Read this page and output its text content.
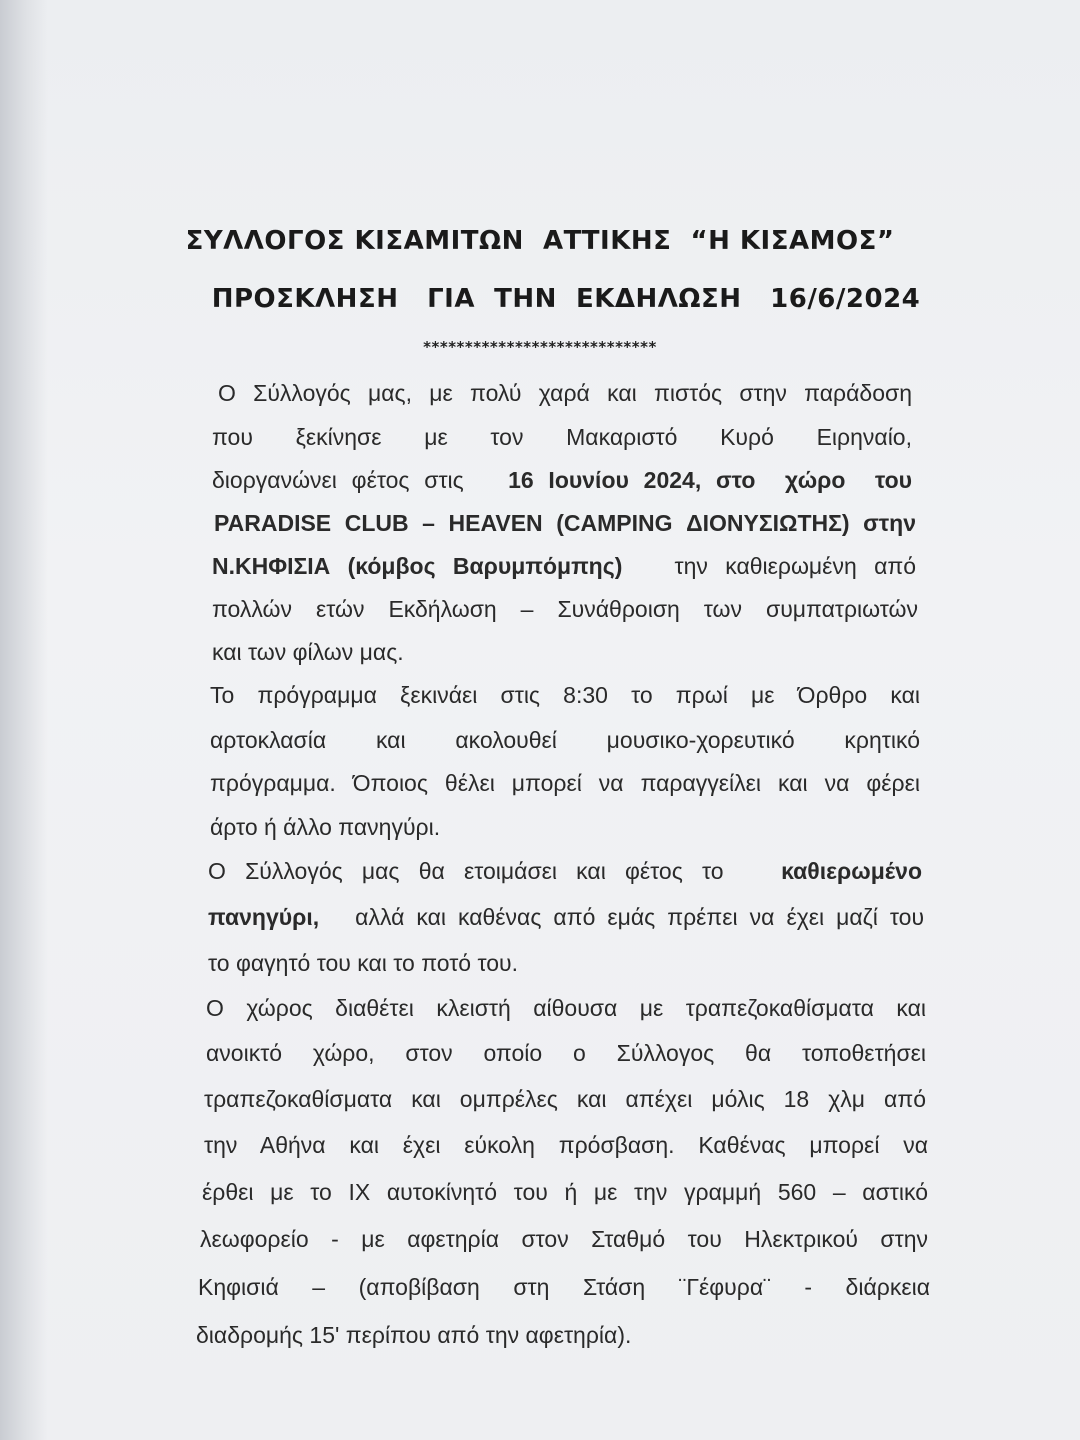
ΣΥΛΛΟΓΟΣ ΚΙΣΑΜΙΤΩΝ  ΑΤΤΙΚΗΣ  “Η ΚΙΣΑΜΟΣ”
ΠΡΟΣΚΛΗΣΗ   ΓΙΑ  ΤΗΝ  ΕΚΔΗΛΩΣΗ   16/6/2024
****************************
Ο Σύλλογός μας, με πολύ χαρά και πιστός στην παράδοση
που ξεκίνησε με τον Μακαριστό Κυρό Ειρηναίο,
διοργανώνει φέτος στις 16 Ιουνίου 2024, στο  χώρο  του
PARADISE CLUB – HEAVEN (CAMPING ΔΙΟΝΥΣΙΩΤΗΣ) στην
Ν.ΚΗΦΙΣΙΑ (κόμβος Βαρυμπόμπης) την καθιερωμένη από
πολλών ετών Εκδήλωση – Συνάθροιση των συμπατριωτών
και των φίλων μας.
Το πρόγραμμα ξεκινάει στις 8:30 το πρωί με Όρθρο και
αρτοκλασία και ακολουθεί μουσικο-χορευτικό κρητικό
πρόγραμμα. Όποιος θέλει μπορεί να παραγγείλει και να φέρει
άρτο ή άλλο πανηγύρι.
Ο Σύλλογός μας θα ετοιμάσει και φέτος το	καθιερωμένο
πανηγύρι, αλλά και καθένας από εμάς πρέπει να έχει μαζί του
το φαγητό του και το ποτό του.
Ο χώρος διαθέτει κλειστή αίθουσα με τραπεζοκαθίσματα και
ανοικτό χώρο, στον οποίο ο Σύλλογος θα τοποθετήσει
τραπεζοκαθίσματα και ομπρέλες και απέχει μόλις 18 χλμ από
την Αθήνα και έχει εύκολη πρόσβαση. Καθένας μπορεί να
έρθει με το ΙΧ αυτοκίνητό του ή με την γραμμή 560 – αστικό
λεωφορείο - με αφετηρία στον Σταθμό του Ηλεκτρικού στην
Κηφισιά – (αποβίβαση στη Στάση ¨Γέφυρα¨ - διάρκεια
διαδρομής 15' περίπου από την αφετηρία).
